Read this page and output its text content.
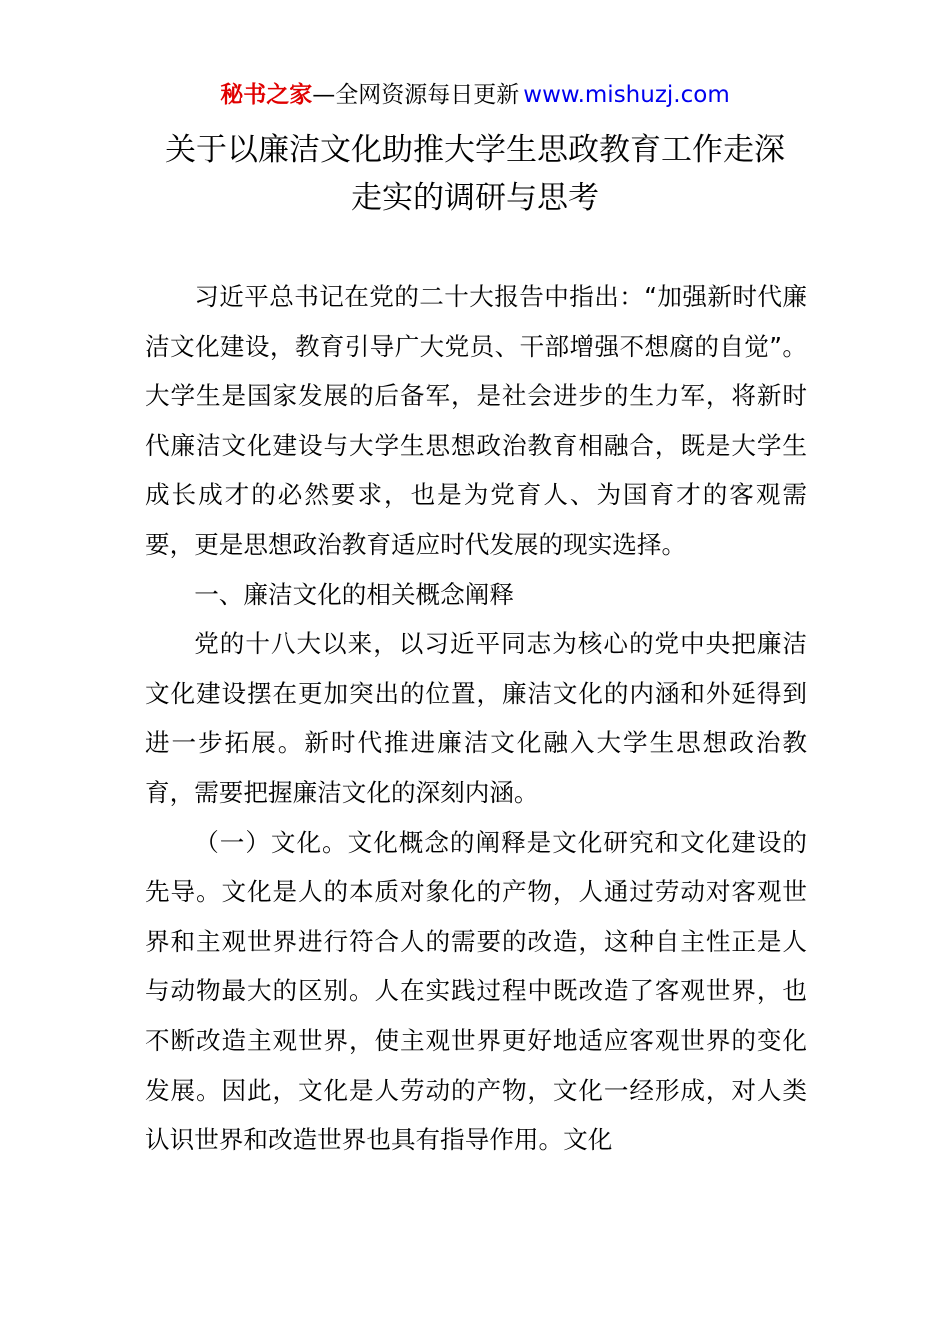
秘书之家—全网资源每日更新 www.mishuzj.com
关于以廉洁文化助推大学生思政教育工作走深
走实的调研与思考

习近平总书记在党的二十大报告中指出：“加强新时代廉洁文化建设，教育引导广大党员、干部增强不想腐的自觉”。大学生是国家发展的后备军，是社会进步的生力军，将新时代廉洁文化建设与大学生思想政治教育相融合，既是大学生成长成才的必然要求，也是为党育人、为国育才的客观需要，更是思想政治教育适应时代发展的现实选择。

一、廉洁文化的相关概念阐释

党的十八大以来，以习近平同志为核心的党中央把廉洁文化建设摆在更加突出的位置，廉洁文化的内涵和外延得到进一步拓展。新时代推进廉洁文化融入大学生思想政治教育，需要把握廉洁文化的深刻内涵。

（一）文化。文化概念的阐释是文化研究和文化建设的先导。文化是人的本质对象化的产物，人通过劳动对客观世界和主观世界进行符合人的需要的改造，这种自主性正是人与动物最大的区别。人在实践过程中既改造了客观世界，也不断改造主观世界，使主观世界更好地适应客观世界的变化发展。因此，文化是人劳动的产物，文化一经形成，对人类认识世界和改造世界也具有指导作用。文化
